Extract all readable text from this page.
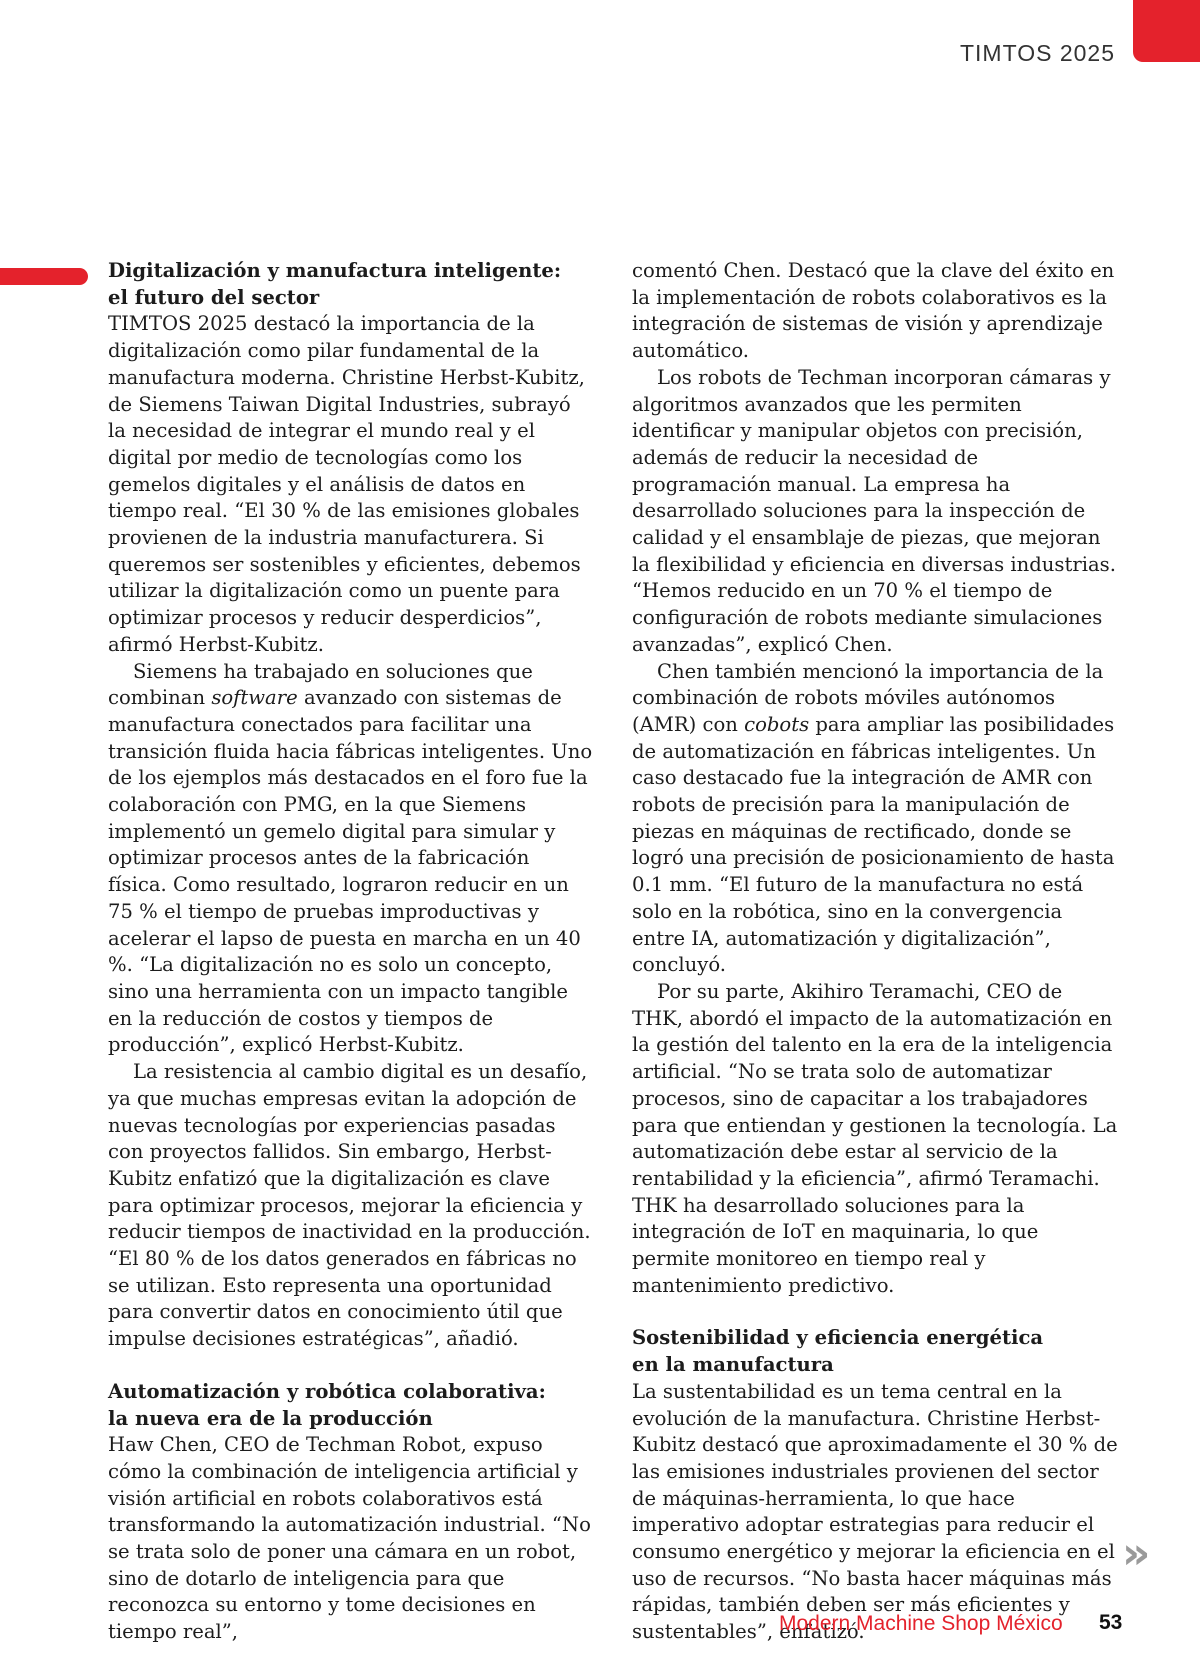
TIMTOS 2025
Digitalización y manufactura inteligente:
el futuro del sector

TIMTOS 2025 destacó la importancia de la digitalización como pilar fundamental de la manufactura moderna. Christine Herbst-Kubitz, de Siemens Taiwan Digital Industries, subrayó la necesidad de integrar el mundo real y el digital por medio de tecnologías como los gemelos digitales y el análisis de datos en tiempo real. “El 30 % de las emisiones globales provienen de la industria manufacturera. Si queremos ser sostenibles y eficientes, debemos utilizar la digitalización como un puente para optimizar procesos y reducir desperdicios”, afirmó Herbst-Kubitz.

Siemens ha trabajado en soluciones que combinan software avanzado con sistemas de manufactura conectados para facilitar una transición fluida hacia fábricas inteligentes. Uno de los ejemplos más destacados en el foro fue la colaboración con PMG, en la que Siemens implementó un gemelo digital para simular y optimizar procesos antes de la fabricación física. Como resultado, lograron reducir en un 75 % el tiempo de pruebas improductivas y acelerar el lapso de puesta en marcha en un 40 %. “La digitalización no es solo un concepto, sino una herramienta con un impacto tangible en la reducción de costos y tiempos de producción”, explicó Herbst-Kubitz.

La resistencia al cambio digital es un desafío, ya que muchas empresas evitan la adopción de nuevas tecnologías por experiencias pasadas con proyectos fallidos. Sin embargo, Herbst-Kubitz enfatizó que la digitalización es clave para optimizar procesos, mejorar la eficiencia y reducir tiempos de inactividad en la producción. “El 80 % de los datos generados en fábricas no se utilizan. Esto representa una oportunidad para convertir datos en conocimiento útil que impulse decisiones estratégicas”, añadió.

Automatización y robótica colaborativa:
la nueva era de la producción

Haw Chen, CEO de Techman Robot, expuso cómo la combinación de inteligencia artificial y visión artificial en robots colaborativos está transformando la automatización industrial. “No se trata solo de poner una cámara en un robot, sino de dotarlo de inteligencia para que reconozca su entorno y tome decisiones en tiempo real”,

comentó Chen. Destacó que la clave del éxito en la implementación de robots colaborativos es la integración de sistemas de visión y aprendizaje automático.

Los robots de Techman incorporan cámaras y algoritmos avanzados que les permiten identificar y manipular objetos con precisión, además de reducir la necesidad de programación manual. La empresa ha desarrollado soluciones para la inspección de calidad y el ensamblaje de piezas, que mejoran la flexibilidad y eficiencia en diversas industrias. “Hemos reducido en un 70 % el tiempo de configuración de robots mediante simulaciones avanzadas”, explicó Chen.

Chen también mencionó la importancia de la combinación de robots móviles autónomos (AMR) con cobots para ampliar las posibilidades de automatización en fábricas inteligentes. Un caso destacado fue la integración de AMR con robots de precisión para la manipulación de piezas en máquinas de rectificado, donde se logró una precisión de posicionamiento de hasta 0.1 mm. “El futuro de la manufactura no está solo en la robótica, sino en la convergencia entre IA, automatización y digitalización”, concluyó.

Por su parte, Akihiro Teramachi, CEO de THK, abordó el impacto de la automatización en la gestión del talento en la era de la inteligencia artificial. “No se trata solo de automatizar procesos, sino de capacitar a los trabajadores para que entiendan y gestionen la tecnología. La automatización debe estar al servicio de la rentabilidad y la eficiencia”, afirmó Teramachi. THK ha desarrollado soluciones para la integración de IoT en maquinaria, lo que permite monitoreo en tiempo real y mantenimiento predictivo.

Sostenibilidad y eficiencia energética
en la manufactura

La sustentabilidad es un tema central en la evolución de la manufactura. Christine Herbst-Kubitz destacó que aproximadamente el 30 % de las emisiones industriales provienen del sector de máquinas-herramienta, lo que hace imperativo adoptar estrategias para reducir el consumo energético y mejorar la eficiencia en el uso de recursos. “No basta hacer máquinas más rápidas, también deben ser más eficientes y sustentables”, enfatizó.

»
Modern Machine Shop México 53
